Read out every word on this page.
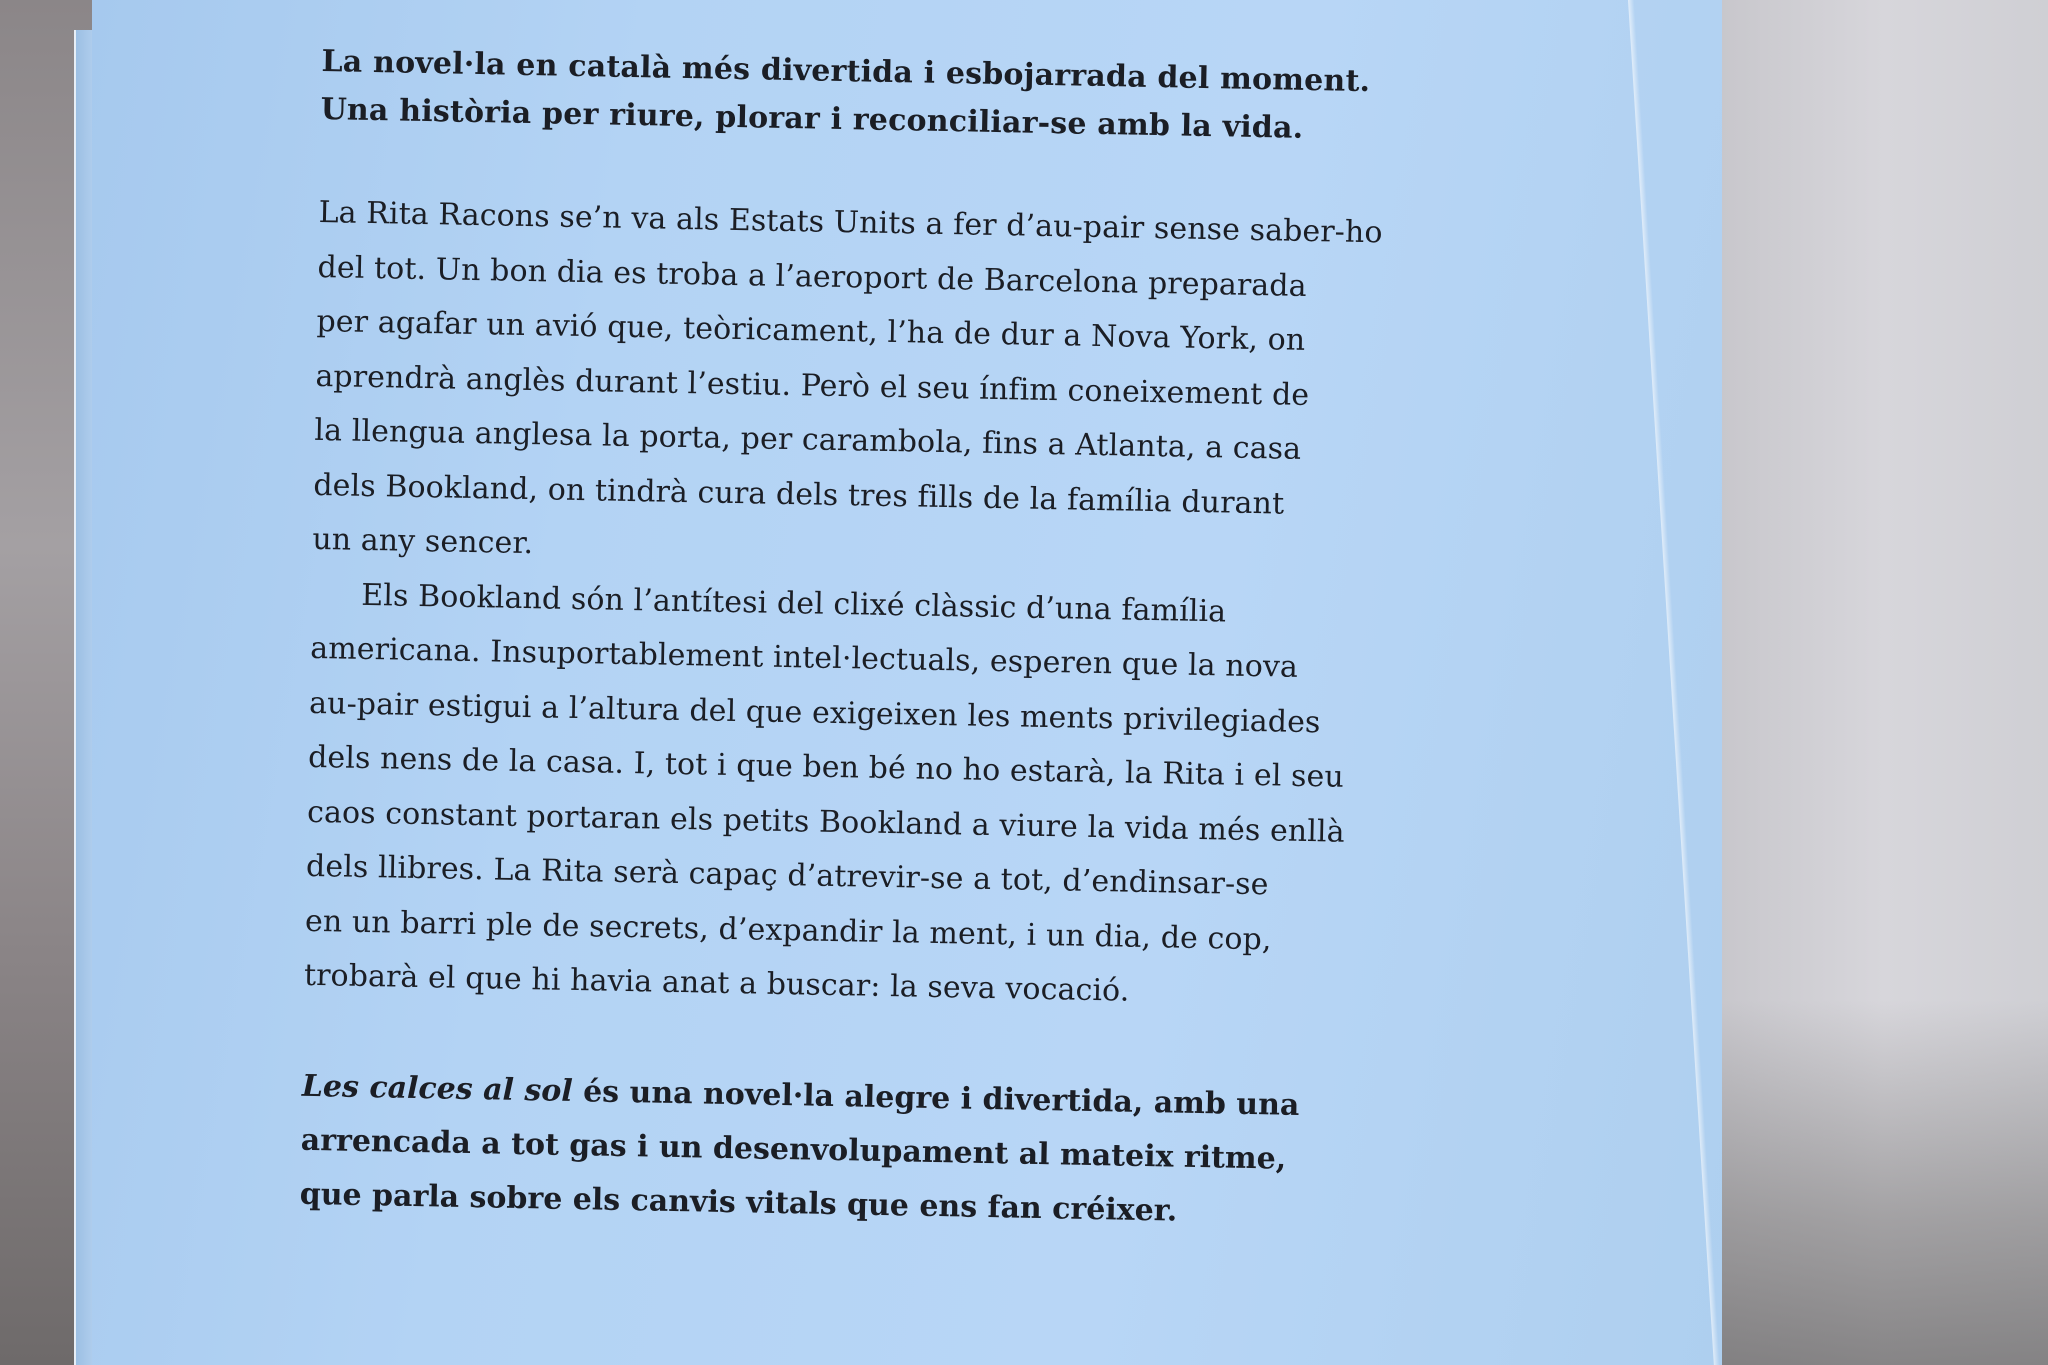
La novel·la en català més divertida i esbojarrada del moment.
Una història per riure, plorar i reconciliar-se amb la vida.
La Rita Racons se’n va als Estats Units a fer d’au-pair sense saber-ho
del tot. Un bon dia es troba a l’aeroport de Barcelona preparada
per agafar un avió que, teòricament, l’ha de dur a Nova York, on
aprendrà anglès durant l’estiu. Però el seu ínfim coneixement de
la llengua anglesa la porta, per carambola, fins a Atlanta, a casa
dels Bookland, on tindrà cura dels tres fills de la família durant
un any sencer.
Els Bookland són l’antítesi del clixé clàssic d’una família
americana. Insuportablement intel·lectuals, esperen que la nova
au-pair estigui a l’altura del que exigeixen les ments privilegiades
dels nens de la casa. I, tot i que ben bé no ho estarà, la Rita i el seu
caos constant portaran els petits Bookland a viure la vida més enllà
dels llibres. La Rita serà capaç d’atrevir-se a tot, d’endinsar-se
en un barri ple de secrets, d’expandir la ment, i un dia, de cop,
trobarà el que hi havia anat a buscar: la seva vocació.
Les calces al sol és una novel·la alegre i divertida, amb una
arrencada a tot gas i un desenvolupament al mateix ritme,
que parla sobre els canvis vitals que ens fan créixer.
